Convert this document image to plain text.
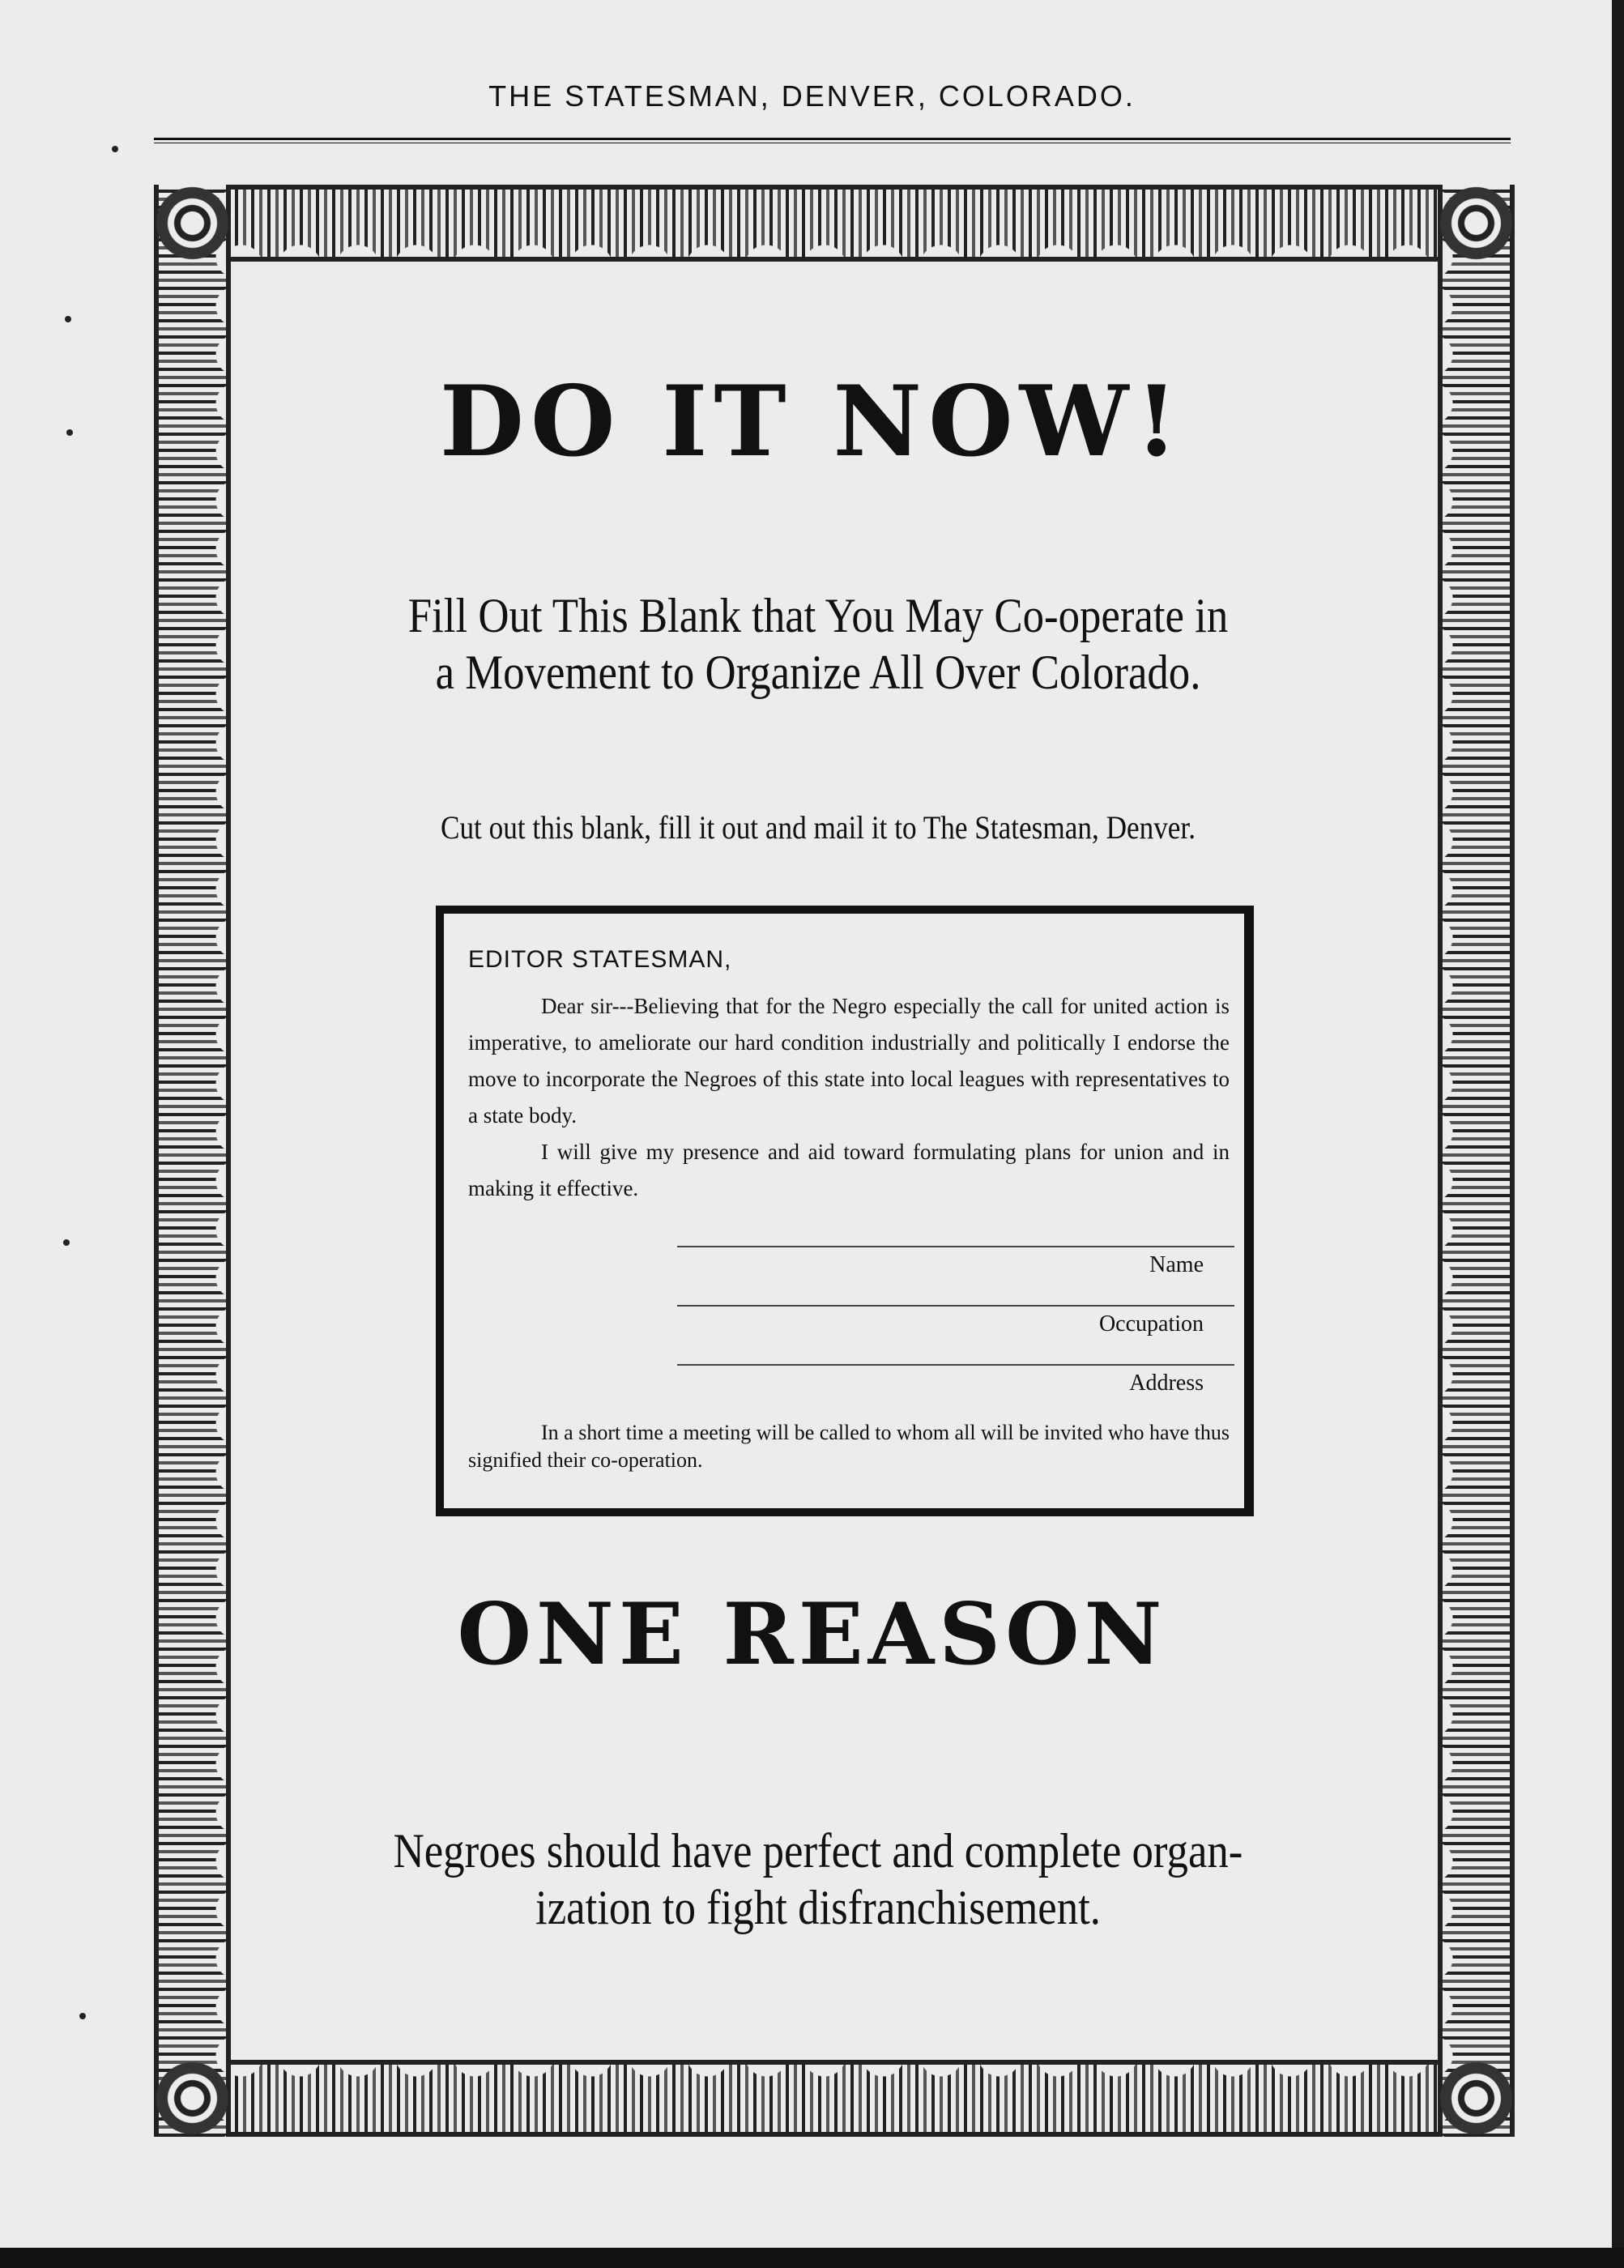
THE STATESMAN, DENVER, COLORADO.
DO IT NOW!
Fill Out This Blank that You May Co-operate in
a Movement to Organize All Over Colorado.
Cut out this blank, fill it out and mail it to The Statesman, Denver.

EDITOR STATESMAN,

Dear sir---Believing that for the Negro especially the call for united action is imperative, to ameliorate our hard condition industrially and politically I endorse the move to incorporate the Negroes of this state into local leagues with representatives to a state body.

I will give my presence and aid toward formulating plans for union and in making it effective.

Name
Occupation
Address
In a short time a meeting will be called to whom all will be invited who have thus signified their co-operation.
ONE REASON
Negroes should have perfect and complete organ-
ization to fight disfranchisement.
